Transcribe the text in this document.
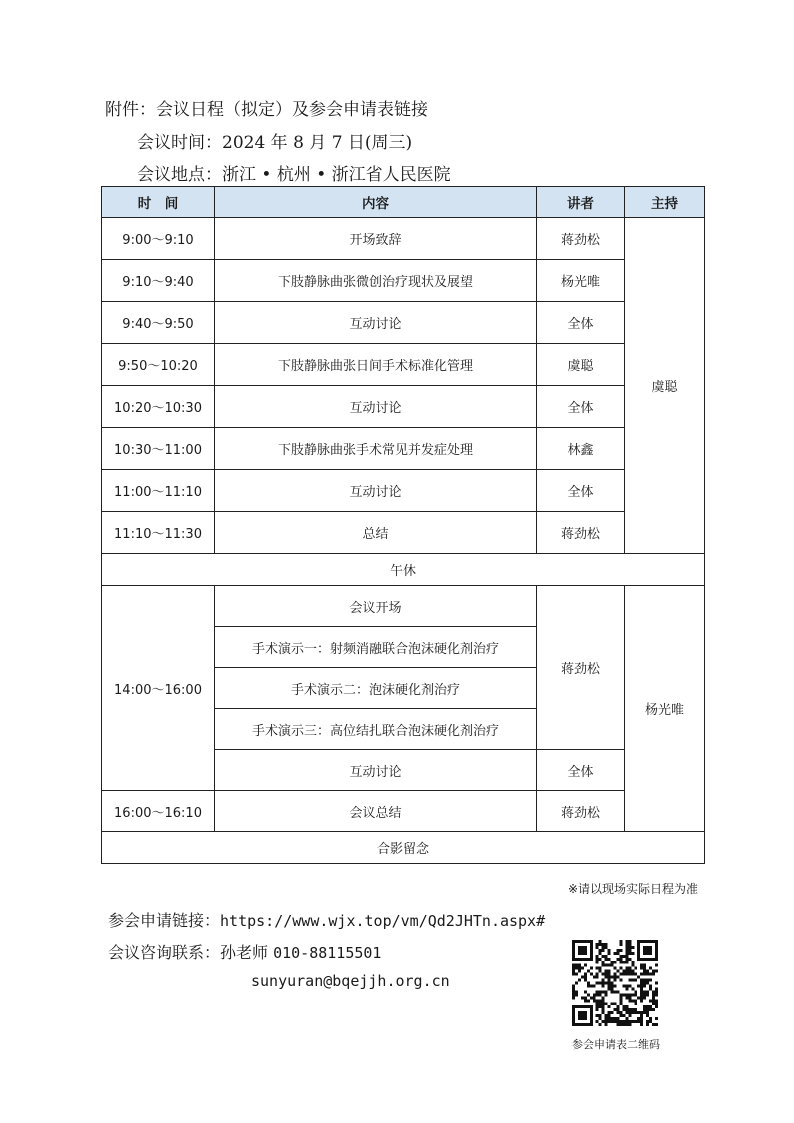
附件：会议日程（拟定）及参会申请表链接
会议时间：2024 年 8 月 7 日(周三)
会议地点：浙江 • 杭州 • 浙江省人民医院
时　间	内容	讲者	主持
9:00～9:10	开场致辞	蒋劲松	虞聪
9:10～9:40	下肢静脉曲张微创治疗现状及展望	杨光唯	
9:40～9:50	互动讨论	全体	
9:50～10:20	下肢静脉曲张日间手术标准化管理	虞聪	
10:20～10:30	互动讨论	全体	
10:30～11:00	下肢静脉曲张手术常见并发症处理	林鑫	
11:00～11:10	互动讨论	全体	
11:10～11:30	总结	蒋劲松	
午休			
14:00～16:00	会议开场	蒋劲松	杨光唯
	手术演示一：射频消融联合泡沫硬化剂治疗		
	手术演示二：泡沫硬化剂治疗		
	手术演示三：高位结扎联合泡沫硬化剂治疗		
	互动讨论	全体	
16:00～16:10	会议总结	蒋劲松	
合影留念			
※请以现场实际日程为准
参会申请链接：https://www.wjx.top/vm/Qd2JHTn.aspx#
会议咨询联系：孙老师 010-88115501
sunyuran@bqejjh.org.cn
参会申请表二维码
